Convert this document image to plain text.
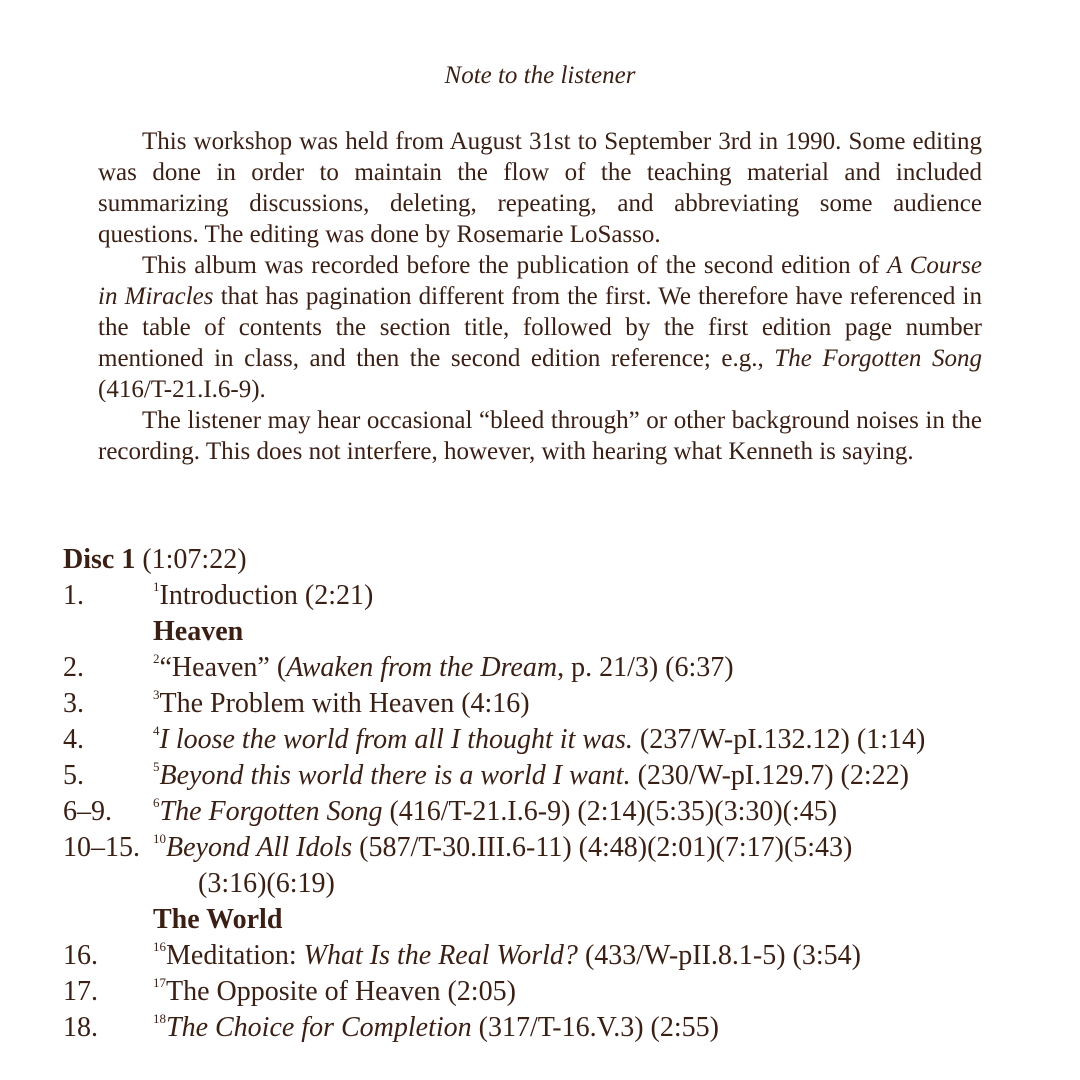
Note to the listener

This workshop was held from August 31st to September 3rd in 1990. Some editing was done in order to maintain the flow of the teaching material and included summarizing discussions, deleting, repeating, and abbreviating some audience questions. The editing was done by Rosemarie LoSasso.

This album was recorded before the publication of the second edition of A Course in Miracles that has pagination different from the first. We therefore have referenced in the table of contents the section title, followed by the first edition page number mentioned in class, and then the second edition reference; e.g., The Forgotten Song (416/T-21.I.6-9).

The listener may hear occasional “bleed through” or other background noises in the recording. This does not interfere, however, with hearing what Kenneth is saying.

Disc 1 (1:07:22)
1.	$^1$Introduction (2:21)
Heaven
2.	$^2$“Heaven” (Awaken from the Dream, p. 21/3) (6:37)
3.	$^3$The Problem with Heaven (4:16)
4.	$^4$I loose the world from all I thought it was. (237/W-pI.132.12) (1:14)
5.	$^5$Beyond this world there is a world I want. (230/W-pI.129.7) (2:22)
6–9.	$^6$The Forgotten Song (416/T-21.I.6-9) (2:14)(5:35)(3:30)(:45)
10–15.	$^{10}$Beyond All Idols (587/T-30.III.6-11) (4:48)(2:01)(7:17)(5:43)
(3:16)(6:19)
The World
16.	$^{16}$Meditation: What Is the Real World? (433/W-pII.8.1-5) (3:54)
17.	$^{17}$The Opposite of Heaven (2:05)
18.	$^{18}$The Choice for Completion (317/T-16.V.3) (2:55)
